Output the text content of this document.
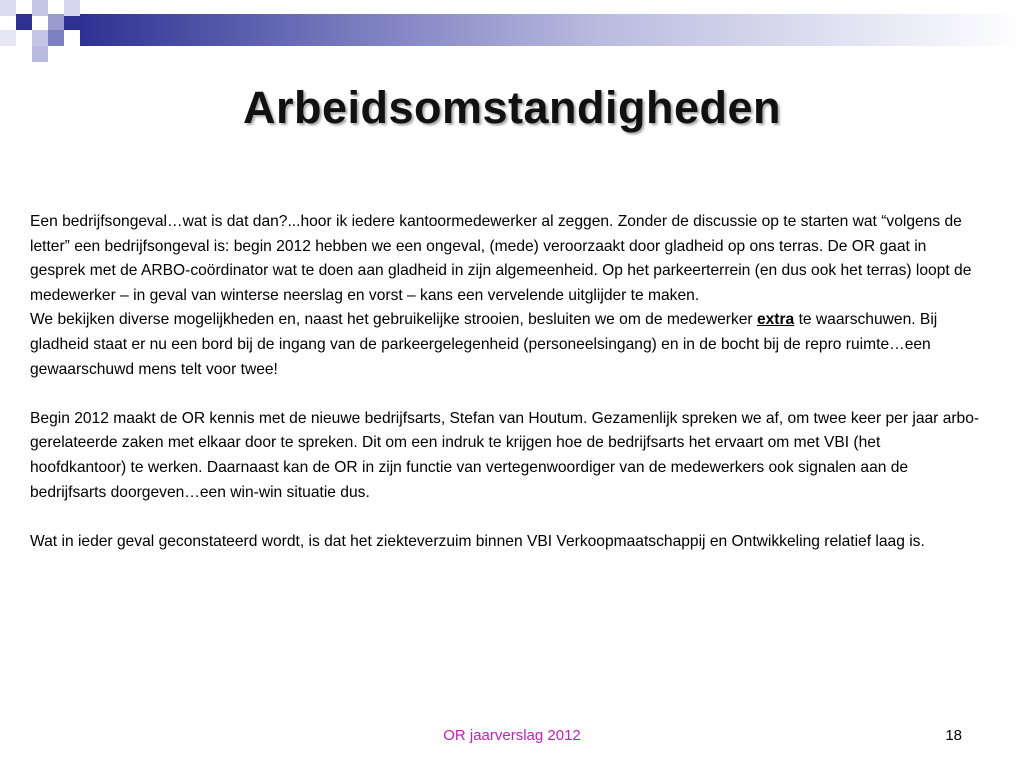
Arbeidsomstandigheden

Een bedrijfsongeval…wat is dat dan?...hoor ik iedere kantoormedewerker al zeggen. Zonder de discussie op te starten wat “volgens de letter” een bedrijfsongeval is: begin 2012 hebben we een ongeval, (mede) veroorzaakt door gladheid op ons terras. De OR gaat in gesprek met de ARBO-coördinator wat te doen aan gladheid in zijn algemeenheid. Op het parkeerterrein (en dus ook het terras) loopt de medewerker – in geval van winterse neerslag en vorst – kans een vervelende uitglijder te maken.

We bekijken diverse mogelijkheden en, naast het gebruikelijke strooien, besluiten we om de medewerker extra te waarschuwen. Bij gladheid staat er nu een bord bij de ingang van de parkeergelegenheid (personeelsingang) en in de bocht bij de repro ruimte…een gewaarschuwd mens telt voor twee!

Begin 2012 maakt de OR kennis met de nieuwe bedrijfsarts, Stefan van Houtum. Gezamenlijk spreken we af, om twee keer per jaar arbo-gerelateerde zaken met elkaar door te spreken. Dit om een indruk te krijgen hoe de bedrijfsarts het ervaart om met VBI (het hoofdkantoor) te werken. Daarnaast kan de OR in zijn functie van vertegenwoordiger van de medewerkers ook signalen aan de bedrijfsarts doorgeven…een win-win situatie dus.

Wat in ieder geval geconstateerd wordt, is dat het ziekteverzuim binnen VBI Verkoopmaatschappij en Ontwikkeling relatief laag is.

OR jaarverslag 2012	18
